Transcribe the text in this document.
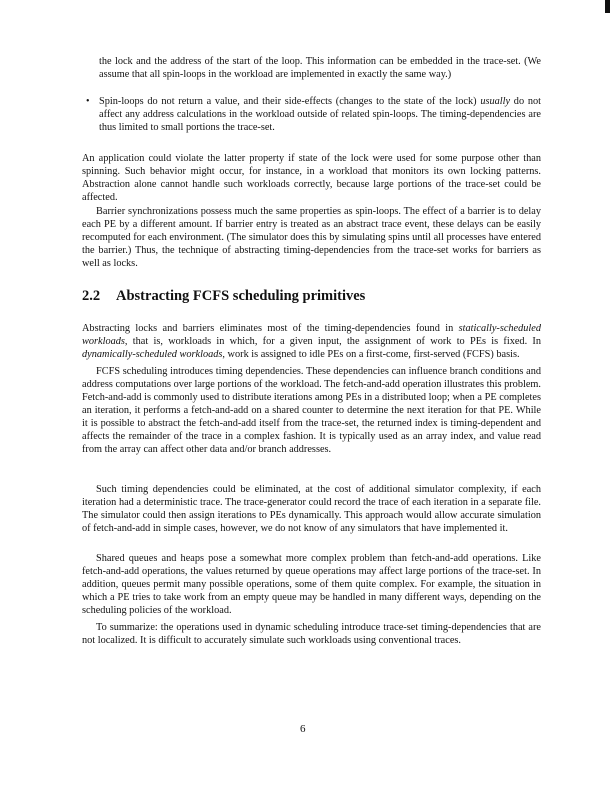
the lock and the address of the start of the loop. This information can be embedded in the trace-set. (We assume that all spin-loops in the workload are implemented in exactly the same way.)

• Spin-loops do not return a value, and their side-effects (changes to the state of the lock) usually do not affect any address calculations in the workload outside of related spin-loops. The timing-dependencies are thus limited to small portions the trace-set.

An application could violate the latter property if state of the lock were used for some purpose other than spinning. Such behavior might occur, for instance, in a workload that monitors its own locking patterns. Abstraction alone cannot handle such workloads correctly, because large portions of the trace-set could be affected.

Barrier synchronizations possess much the same properties as spin-loops. The effect of a barrier is to delay each PE by a different amount. If barrier entry is treated as an abstract trace event, these delays can be easily recomputed for each environment. (The simulator does this by simulating spins until all processes have entered the barrier.) Thus, the technique of abstracting timing-dependencies from the trace-set works for barriers as well as locks.

2.2 Abstracting FCFS scheduling primitives

Abstracting locks and barriers eliminates most of the timing-dependencies found in statically-scheduled workloads, that is, workloads in which, for a given input, the assignment of work to PEs is fixed. In dynamically-scheduled workloads, work is assigned to idle PEs on a first-come, first-served (FCFS) basis.

FCFS scheduling introduces timing dependencies. These dependencies can influence branch conditions and address computations over large portions of the workload. The fetch-and-add operation illustrates this problem. Fetch-and-add is commonly used to distribute iterations among PEs in a distributed loop; when a PE completes an iteration, it performs a fetch-and-add on a shared counter to determine the next iteration for that PE. While it is possible to abstract the fetch-and-add itself from the trace-set, the returned index is timing-dependent and affects the remainder of the trace in a complex fashion. It is typically used as an array index, and value read from the array can affect other data and/or branch addresses.

Such timing dependencies could be eliminated, at the cost of additional simulator complexity, if each iteration had a deterministic trace. The trace-generator could record the trace of each iteration in a separate file. The simulator could then assign iterations to PEs dynamically. This approach would allow accurate simulation of fetch-and-add in simple cases, however, we do not know of any simulators that have implemented it.

Shared queues and heaps pose a somewhat more complex problem than fetch-and-add operations. Like fetch-and-add operations, the values returned by queue operations may affect large portions of the trace-set. In addition, queues permit many possible operations, some of them quite complex. For example, the situation in which a PE tries to take work from an empty queue may be handled in many different ways, depending on the scheduling policies of the workload.

To summarize: the operations used in dynamic scheduling introduce trace-set timing-dependencies that are not localized. It is difficult to accurately simulate such workloads using conventional traces.

6
